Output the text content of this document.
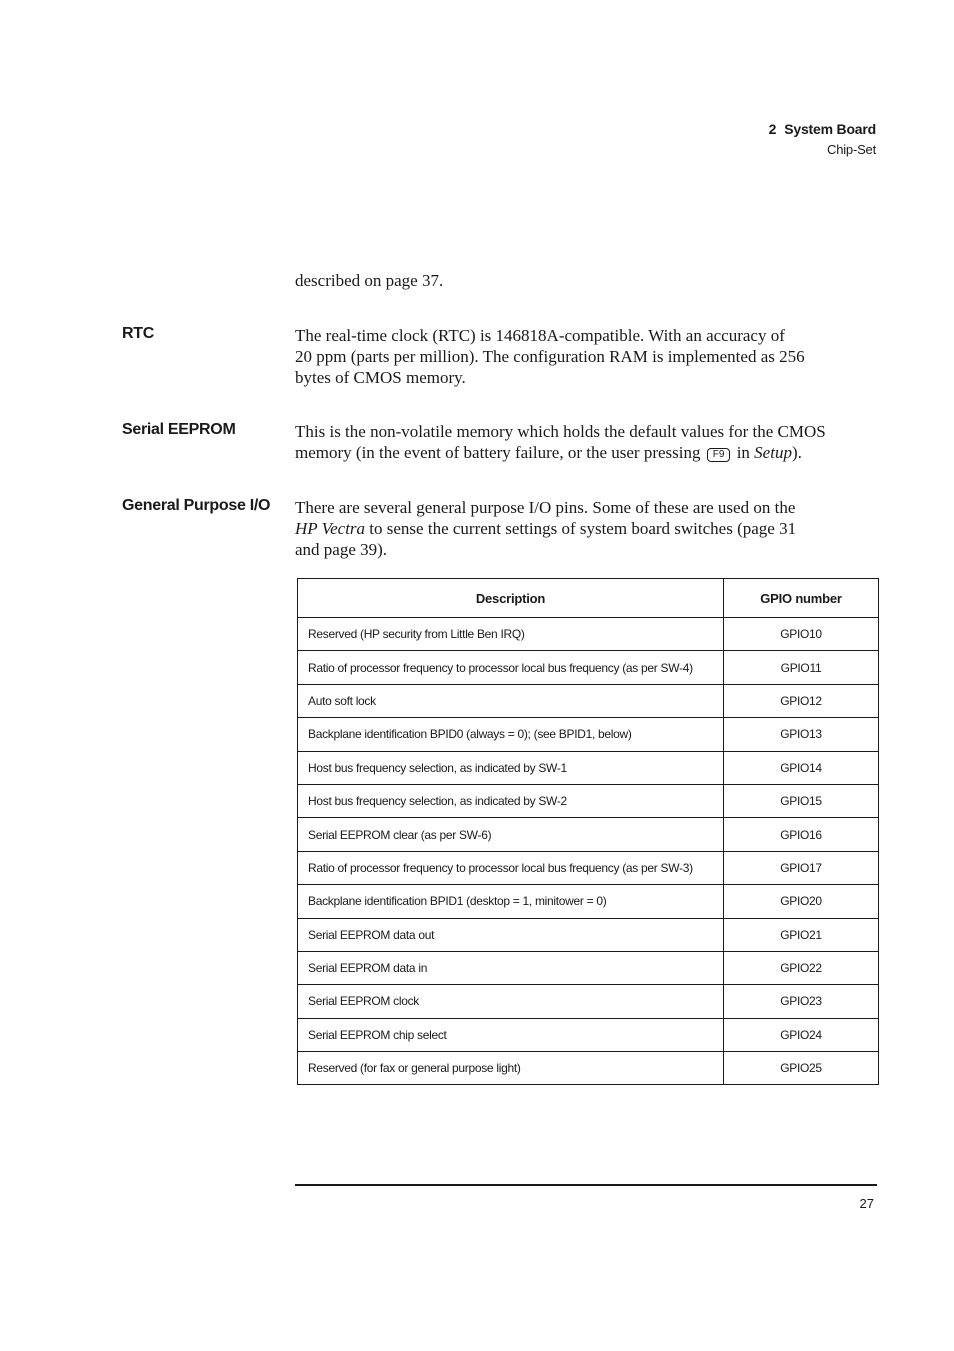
2 System Board
Chip-Set
described on page 37.
RTC	The real-time clock (RTC) is 146818A-compatible. With an accuracy of
20 ppm (parts per million). The configuration RAM is implemented as 256
bytes of CMOS memory.
Serial EEPROM	This is the non-volatile memory which holds the default values for the CMOS
memory (in the event of battery failure, or the user pressing F9 in Setup).
General Purpose I/O There are several general purpose I/O pins. Some of these are used on the
HP Vectra to sense the current settings of system board switches (page 31
and page 39).
Description	GPIO number
Reserved (HP security from Little Ben IRQ)	GPIO10
Ratio of processor frequency to processor local bus frequency (as per SW-4)	GPIO11
Auto soft lock	GPIO12
Backplane identification BPID0 (always = 0); (see BPID1, below)	GPIO13
Host bus frequency selection, as indicated by SW-1	GPIO14
Host bus frequency selection, as indicated by SW-2	GPIO15
Serial EEPROM clear (as per SW-6)	GPIO16
Ratio of processor frequency to processor local bus frequency (as per SW-3)	GPIO17
Backplane identification BPID1 (desktop = 1, minitower = 0)	GPIO20
Serial EEPROM data out	GPIO21
Serial EEPROM data in	GPIO22
Serial EEPROM clock	GPIO23
Serial EEPROM chip select	GPIO24
Reserved (for fax or general purpose light)	GPIO25
27
